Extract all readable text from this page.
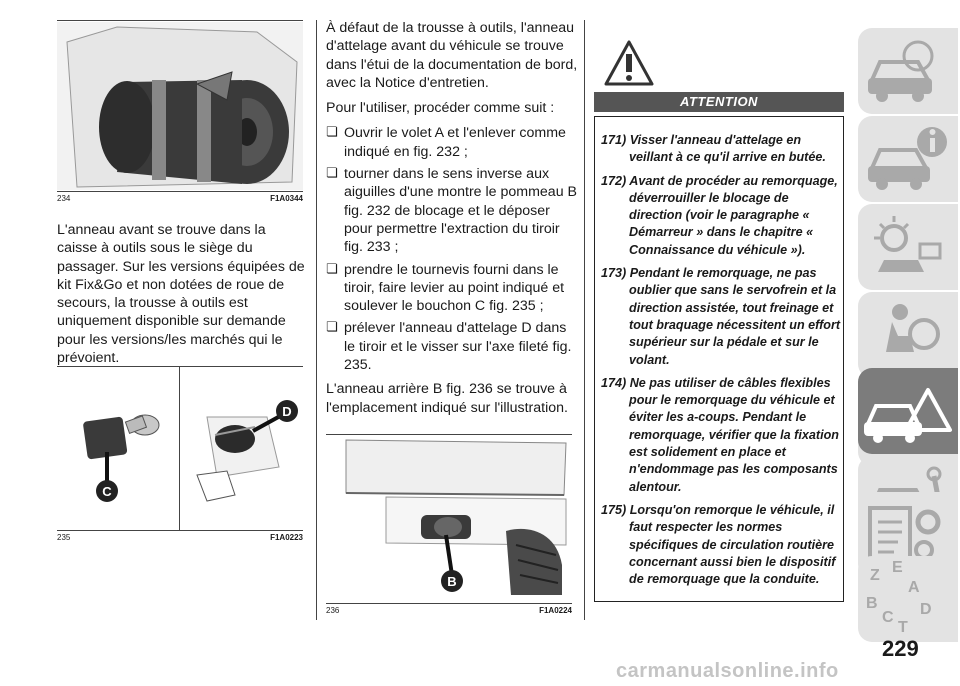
234	F1A0344

L'anneau avant se trouve dans la caisse à outils sous le siège du passager. Sur les versions équipées de kit Fix&Go et non dotées de roue de secours, la trousse à outils est uniquement disponible sur demande pour les versions/les marchés qui le prévoient.

C
D
235	F1A0223

À défaut de la trousse à outils, l'anneau d'attelage avant du véhicule se trouve dans l'étui de la documentation de bord, avec la Notice d'entretien.

Pour l'utiliser, procéder comme suit :

❏ Ouvrir le volet A et l'enlever comme indiqué en fig. 232 ;
❏ tourner dans le sens inverse aux aiguilles d'une montre le pommeau B fig. 232 de blocage et le déposer pour permettre l'extraction du tiroir fig. 233 ;
❏ prendre le tournevis fourni dans le tiroir, faire levier au point indiqué et soulever le bouchon C fig. 235 ;
❏ prélever l'anneau d'attelage D dans le tiroir et le visser sur l'axe fileté fig. 235.

L'anneau arrière B fig. 236 se trouve à l'emplacement indiqué sur l'illustration.

B
236	F1A0224
ATTENTION
171) Visser l'anneau d'attelage en veillant à ce qu'il arrive en butée.
172) Avant de procéder au remorquage, déverrouiller le blocage de direction (voir le paragraphe « Démarreur » dans le chapitre « Connaissance du véhicule »).
173) Pendant le remorquage, ne pas oublier que sans le servofrein et la direction assistée, tout freinage et tout braquage nécessitent un effort supérieur sur la pédale et sur le volant.
174) Ne pas utiliser de câbles flexibles pour le remorquage du véhicule et éviter les a-coups. Pendant le remorquage, vérifier que la fixation est solidement en place et n'endommage pas les composants alentour.
175) Lorsqu'on remorque le véhicule, il faut respecter les normes spécifiques de circulation routière concernant aussi bien le dispositif de remorquage que la conduite.	Z E
A
B
C
T
D
229
carmanualsonline.info
